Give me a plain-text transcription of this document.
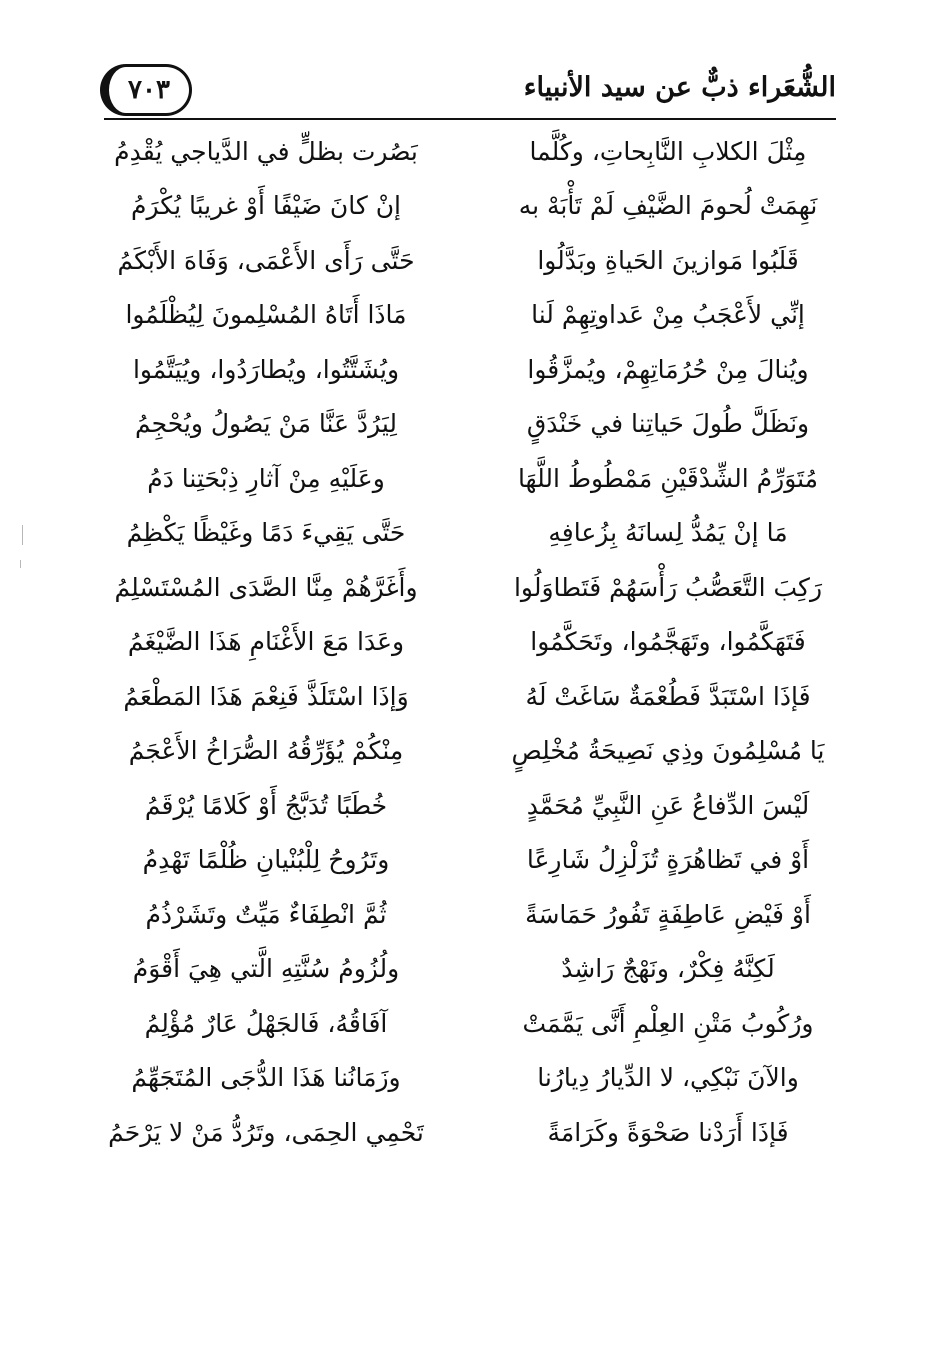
الشُّعَراء ذبٌّ عن سيد الأنبياء
٧٠٣
مِثْلَ الكلابِ النَّابِحاتِ، وكُلَّما
نَهِمَتْ لُحومَ الضَّيْفِ لَمْ تَأْبَهْ به
قَلَبُوا مَوازينَ الحَياةِ وبَدَّلُوا
إنِّي لأَعْجَبُ مِنْ عَداوتِهِمْ لَنا
ويُنالَ مِنْ حُرُمَاتِهِمْ، ويُمزَّقُوا
ونَظَلَّ طُولَ حَياتِنا في خَنْدَقٍ
مُتَوَرِّمُ الشِّدْقَيْنِ مَمْطُوطُ اللَّهَا
مَا إنْ يَمُدُّ لِسانَهُ بِزُعافِهِ
رَكِبَ التَّعَصُّبُ رَأْسَهُمْ فَتَطاوَلُوا
فَتَهَكَّمُوا، وتَهَجَّمُوا، وتَحَكَّمُوا
فَإذَا اسْتَبَدَّ فَطُعْمَةٌ سَاغَتْ لَهُ
يَا مُسْلِمُونَ وذِي نَصِيحَةُ مُخْلِصٍ
لَيْسَ الدِّفاعُ عَنِ النَّبِيِّ مُحَمَّدٍ
أَوْ في تَظاهُرَةٍ تُزَلْزِلُ شَارِعًا
أَوْ فَيْضِ عَاطِفَةٍ تَفُورُ حَمَاسَةً
لَكِنَّهُ فِكْرٌ، ونَهْجٌ رَاشِدٌ
ورُكُوبُ مَتْنِ العِلْمِ أَنَّى يَمَّمَتْ
والآنَ نَبْكِي، لا الدِّيارُ دِيارُنا
فَإذَا أَرَدْنا صَحْوَةً وكَرَامَةً
بَصُرت بظلٍّ في الدَّياجي يُقْدِمُ
إنْ كانَ ضَيْفًا أَوْ غريبًا يُكْرَمُ
حَتَّى رَأَى الأَعْمَى، وَفَاهَ الأَبْكَمُ
مَاذَا أَتَاهُ المُسْلِمونَ لِيُظْلَمُوا
ويُشَتَّتُوا، ويُطارَدُوا، ويُيَتَّمُوا
لِيَرُدَّ عَنَّا مَنْ يَصُولُ ويُحْجِمُ
وعَلَيْهِ مِنْ آثارِ ذِبْحَتِنا دَمُ
حَتَّى يَقِيءَ دَمًا وغَيْظًا يَكْظِمُ
وأَغَرَّهُمْ مِنَّا الصَّدَى المُسْتَسْلِمُ
وعَدَا مَعَ الأَغْنَامِ هَذَا الضَّيْغَمُ
وَإذَا اسْتَلَذَّ فَنِعْمَ هَذَا المَطْعَمُ
مِنْكُمْ يُؤَرِّقُهُ الصُّرَاخُ الأَعْجَمُ
خُطَبًا تُدَبَّجُ أَوْ كَلامًا يُرْقَمُ
وتَرُوحُ لِلْبُنْيانِ ظُلْمًا تَهْدِمُ
ثُمَّ انْطِفَاءٌ مَيِّتٌ وتَشَرْذُمُ
ولُزُومُ سُنَّتِهِ الَّتي هِيَ أَقْوَمُ
آفَاقُهُ، فَالجَهْلُ عَارٌ مُؤْلِمُ
وزَمَانُنا هَذَا الدُّجَى المُتَجَهِّمُ
تَحْمِي الحِمَى، وتَرُدُّ مَنْ لا يَرْحَمُ
